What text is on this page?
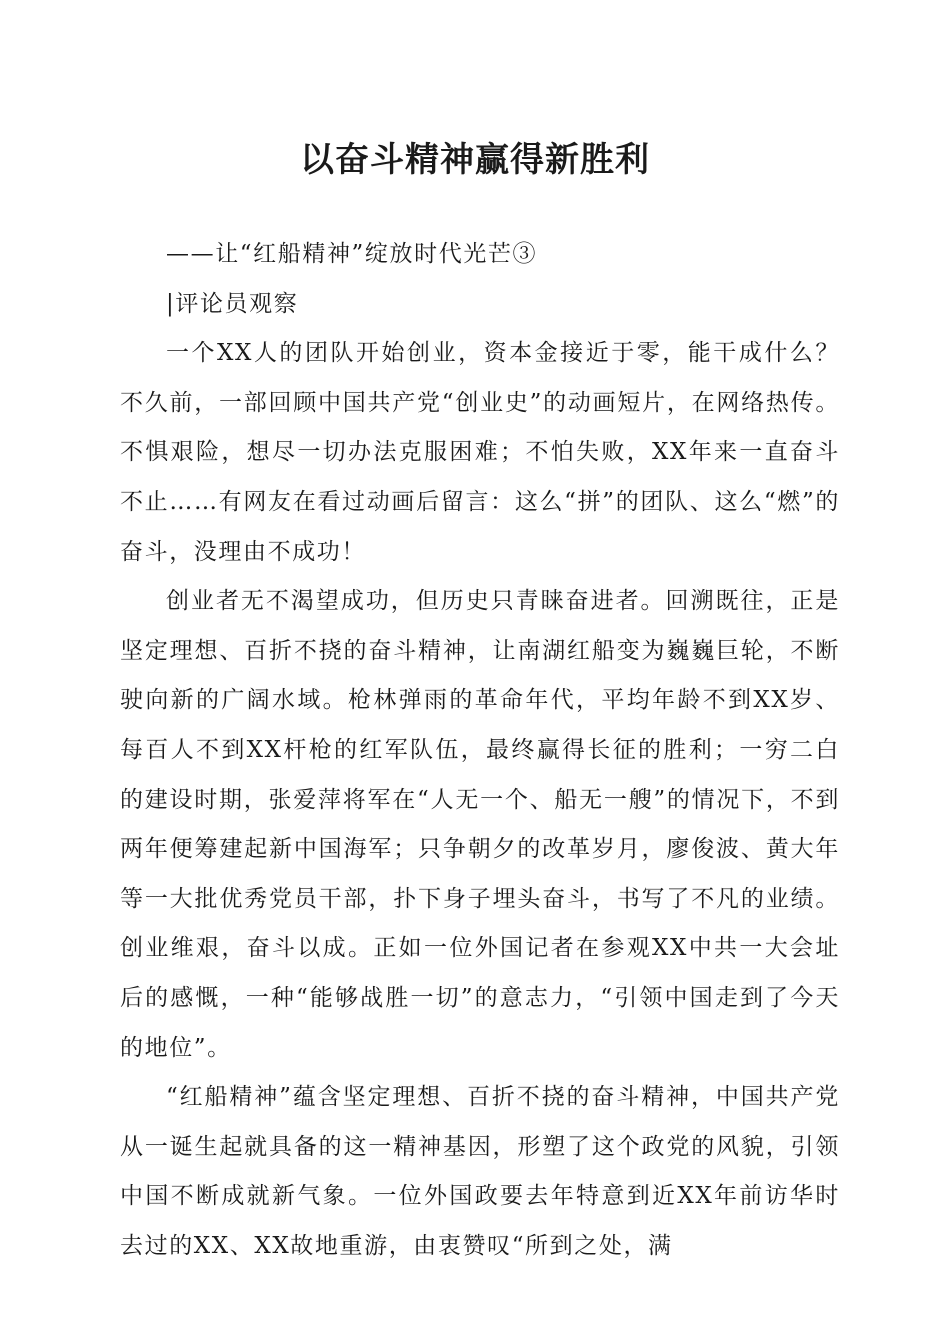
以奋斗精神赢得新胜利

——让“红船精神”绽放时代光芒③

|评论员观察

一个XX人的团队开始创业，资本金接近于零，能干成什么？不久前，一部回顾中国共产党“创业史”的动画短片，在网络热传。不惧艰险，想尽一切办法克服困难；不怕失败，XX年来一直奋斗不止……有网友在看过动画后留言：这么“拼”的团队、这么“燃”的奋斗，没理由不成功！

创业者无不渴望成功，但历史只青睐奋进者。回溯既往，正是坚定理想、百折不挠的奋斗精神，让南湖红船变为巍巍巨轮，不断驶向新的广阔水域。枪林弹雨的革命年代，平均年龄不到XX岁、每百人不到XX杆枪的红军队伍，最终赢得长征的胜利；一穷二白的建设时期，张爱萍将军在“人无一个、船无一艘”的情况下，不到两年便筹建起新中国海军；只争朝夕的改革岁月，廖俊波、黄大年等一大批优秀党员干部，扑下身子埋头奋斗，书写了不凡的业绩。创业维艰，奋斗以成。正如一位外国记者在参观XX中共一大会址后的感慨，一种“能够战胜一切”的意志力，“引领中国走到了今天的地位”。

“红船精神”蕴含坚定理想、百折不挠的奋斗精神，中国共产党从一诞生起就具备的这一精神基因，形塑了这个政党的风貌，引领中国不断成就新气象。一位外国政要去年特意到近XX年前访华时去过的XX、XX故地重游，由衷赞叹“所到之处，满
